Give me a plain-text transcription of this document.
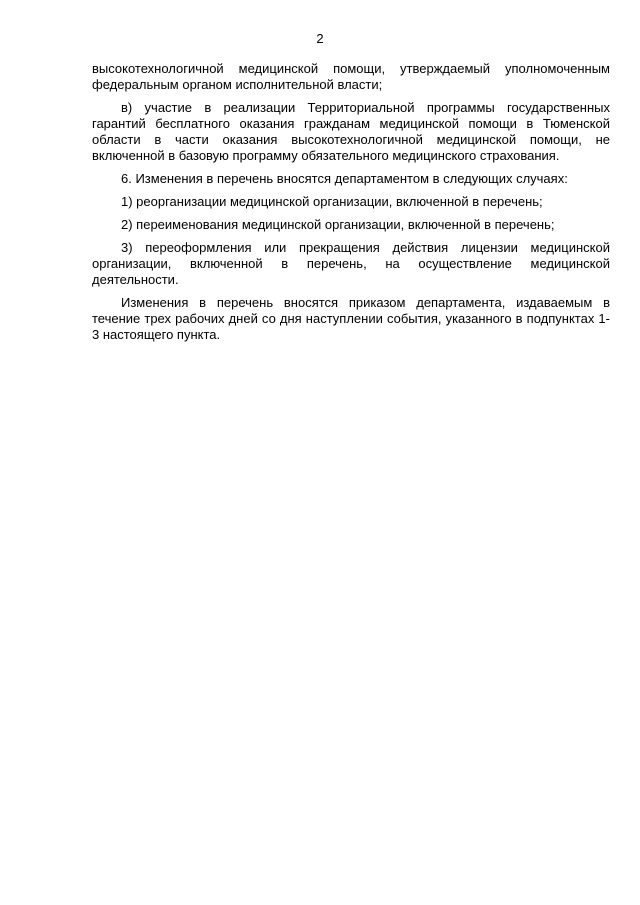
2

высокотехнологичной медицинской помощи, утверждаемый уполномоченным федеральным органом исполнительной власти;

в) участие в реализации Территориальной программы государственных гарантий бесплатного оказания гражданам медицинской помощи в Тюменской области в части оказания высокотехнологичной медицинской помощи, не включенной в базовую программу обязательного медицинского страхования.

6. Изменения в перечень вносятся департаментом в следующих случаях:

1) реорганизации медицинской организации, включенной в перечень;

2) переименования медицинской организации, включенной в перечень;

3) переоформления или прекращения действия лицензии медицинской организации, включенной в перечень, на осуществление медицинской деятельности.

Изменения в перечень вносятся приказом департамента, издаваемым в течение трех рабочих дней со дня наступлении события, указанного в подпунктах 1-3 настоящего пункта.
